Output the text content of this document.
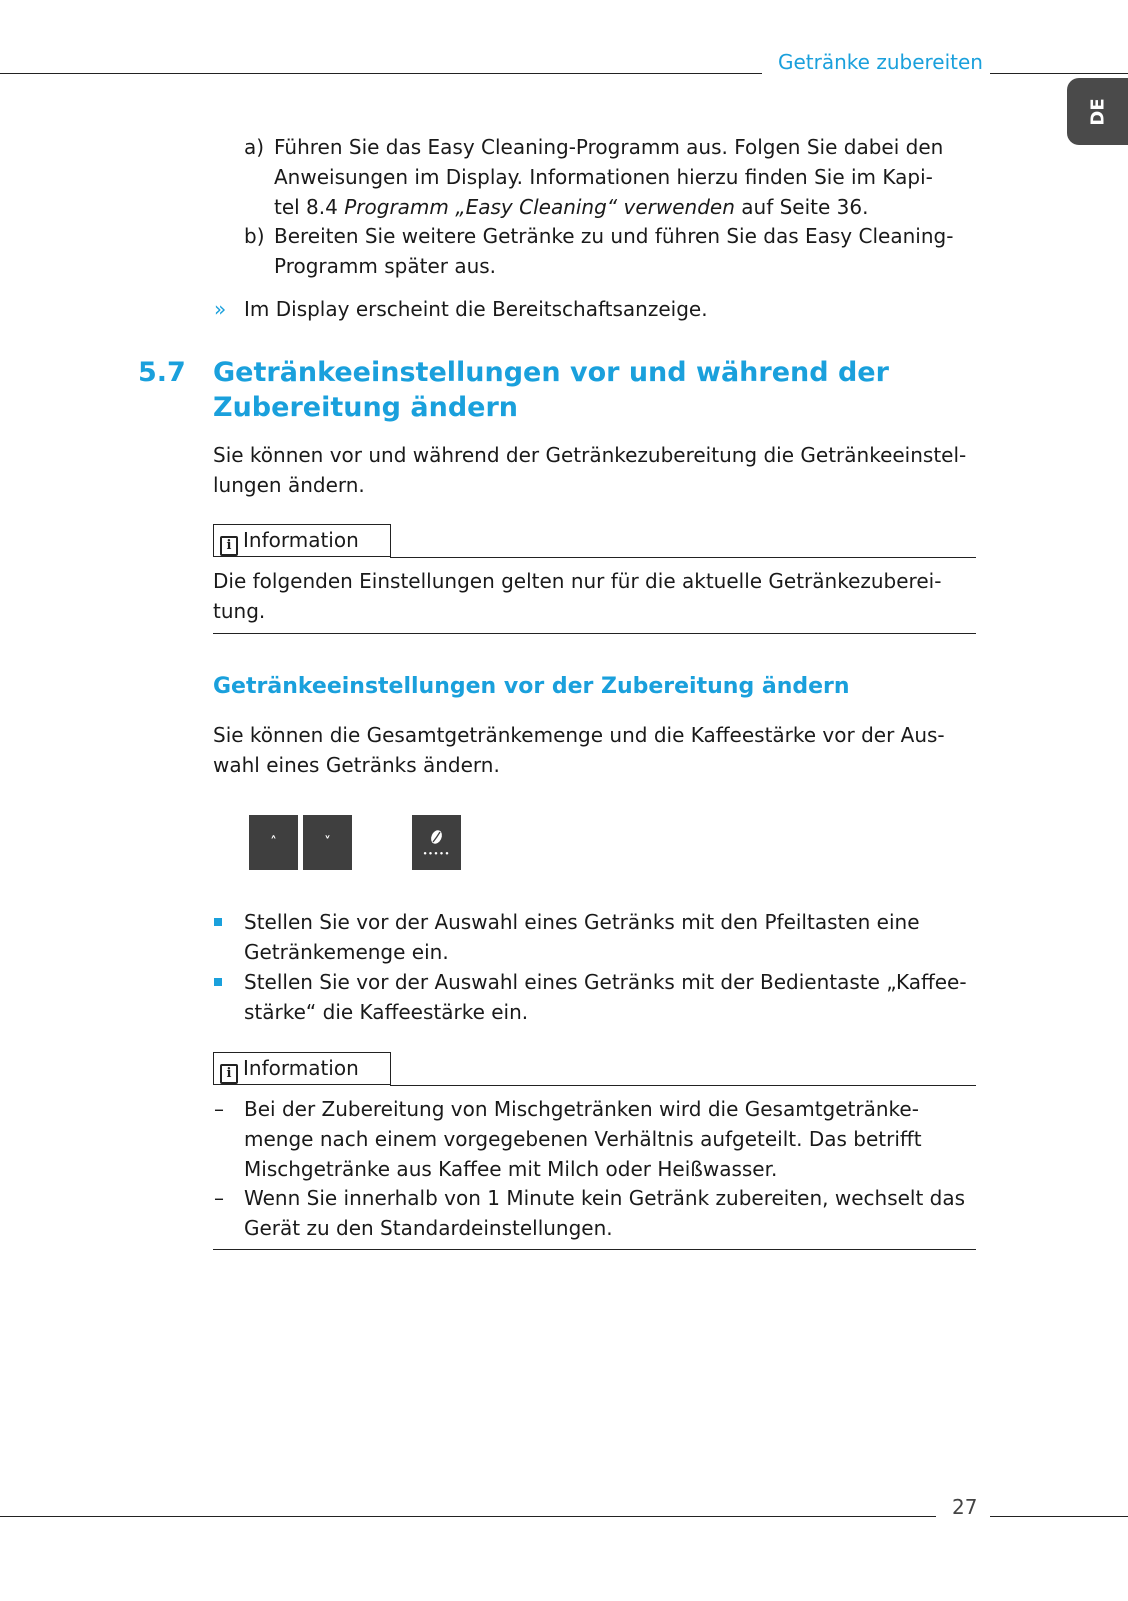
Getränke zubereiten
DE
a) Führen Sie das Easy Cleaning-Programm aus. Folgen Sie dabei den
Anweisungen im Display. Informationen hierzu finden Sie im Kapi-
tel 8.4 Programm „Easy Cleaning“ verwenden auf Seite 36.
b) Bereiten Sie weitere Getränke zu und führen Sie das Easy Cleaning-
Programm später aus.
» Im Display erscheint die Bereitschaftsanzeige.
5.7 Getränkeeinstellungen vor und während der
Zubereitung ändern
Sie können vor und während der Getränkezubereitung die Getränkeeinstel-
lungen ändern.
i Information
Die folgenden Einstellungen gelten nur für die aktuelle Getränkezuberei-
tung.
Getränkeeinstellungen vor der Zubereitung ändern
Sie können die Gesamtgetränkemenge und die Kaffeestärke vor der Aus-
wahl eines Getränks ändern.
˄	˅
•••••
Stellen Sie vor der Auswahl eines Getränks mit den Pfeiltasten eine
Getränkemenge ein.
Stellen Sie vor der Auswahl eines Getränks mit der Bedientaste „Kaffee-
stärke“ die Kaffeestärke ein.
i Information
– Bei der Zubereitung von Mischgetränken wird die Gesamtgetränke-
menge nach einem vorgegebenen Verhältnis aufgeteilt. Das betrifft
Mischgetränke aus Kaffee mit Milch oder Heißwasser.
– Wenn Sie innerhalb von 1 Minute kein Getränk zubereiten, wechselt das
Gerät zu den Standardeinstellungen.
27
